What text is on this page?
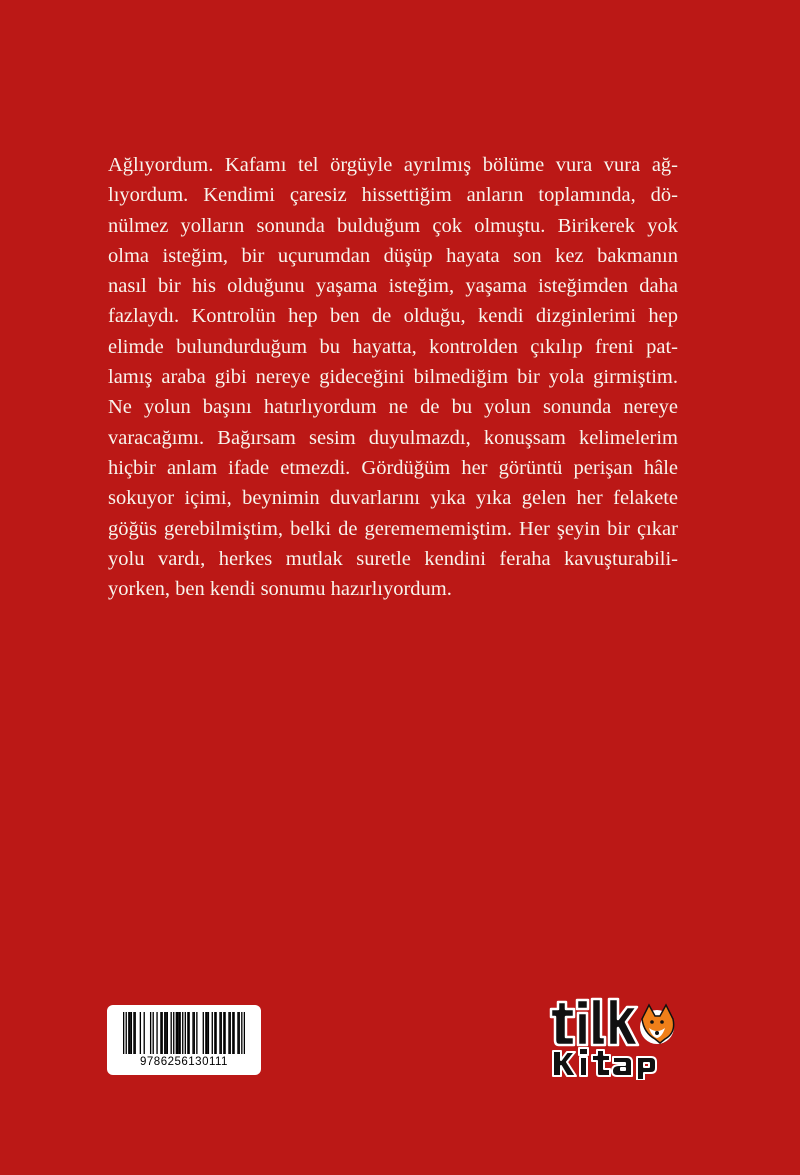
Ağlıyordum. Kafamı tel örgüyle ayrılmış bölüme vura vura ağ-
lıyordum. Kendimi çaresiz hissettiğim anların toplamında, dö-
nülmez yolların sonunda bulduğum çok olmuştu. Birikerek yok
olma isteğim, bir uçurumdan düşüp hayata son kez bakmanın
nasıl bir his olduğunu yaşama isteğim, yaşama isteğimden daha
fazlaydı. Kontrolün hep ben de olduğu, kendi dizginlerimi hep
elimde bulundurduğum bu hayatta, kontrolden çıkılıp freni pat-
lamış araba gibi nereye gideceğini bilmediğim bir yola girmiştim.
Ne yolun başını hatırlıyordum ne de bu yolun sonunda nereye
varacağımı. Bağırsam sesim duyulmazdı, konuşsam kelimelerim
hiçbir anlam ifade etmezdi. Gördüğüm her görüntü perişan hâle
sokuyor içimi, beynimin duvarlarını yıka yıka gelen her felakete
göğüs gerebilmiştim, belki de geremememiştim. Her şeyin bir çıkar
yolu vardı, herkes mutlak suretle kendini feraha kavuşturabili-
yorken, ben kendi sonumu hazırlıyordum.
9786256130111
